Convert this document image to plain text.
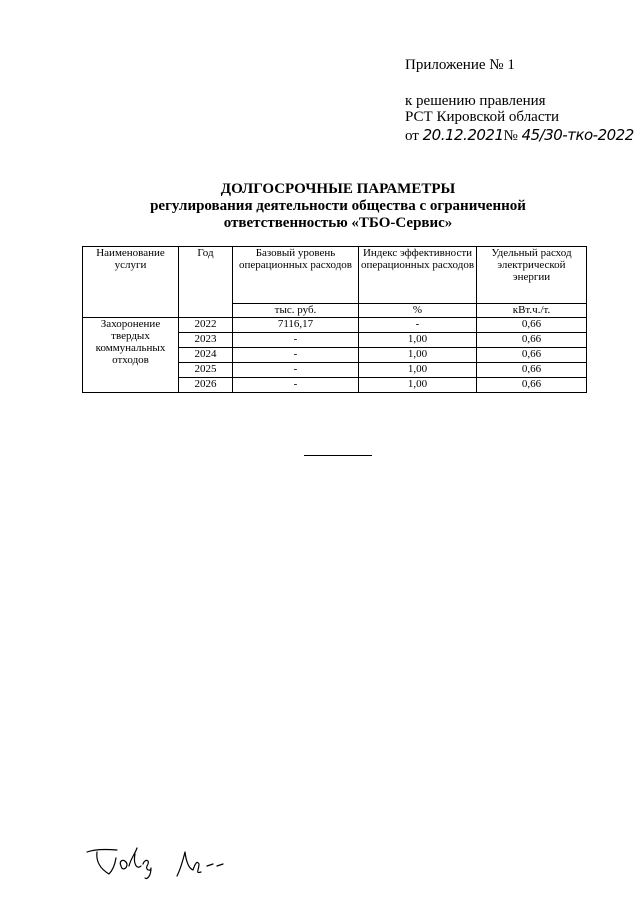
Приложение № 1
к решению правления
РСТ Кировской области
от 20.12.2021№ 45/30-тко-2022
ДОЛГОСРОЧНЫЕ ПАРАМЕТРЫ
регулирования деятельности общества с ограниченной
ответственностью «ТБО-Сервис»
Наименование услуги	Год	Базовый уровень операционных расходов	Индекс эффективности операционных расходов	Удельный расход электрической энергии
		тыс. руб.	%	кВт.ч./т.
Захоронение твердых коммунальных отходов	2022	7116,17	-	0,66
	2023	-	1,00	0,66
	2024	-	1,00	0,66
	2025	-	1,00	0,66
	2026	-	1,00	0,66
